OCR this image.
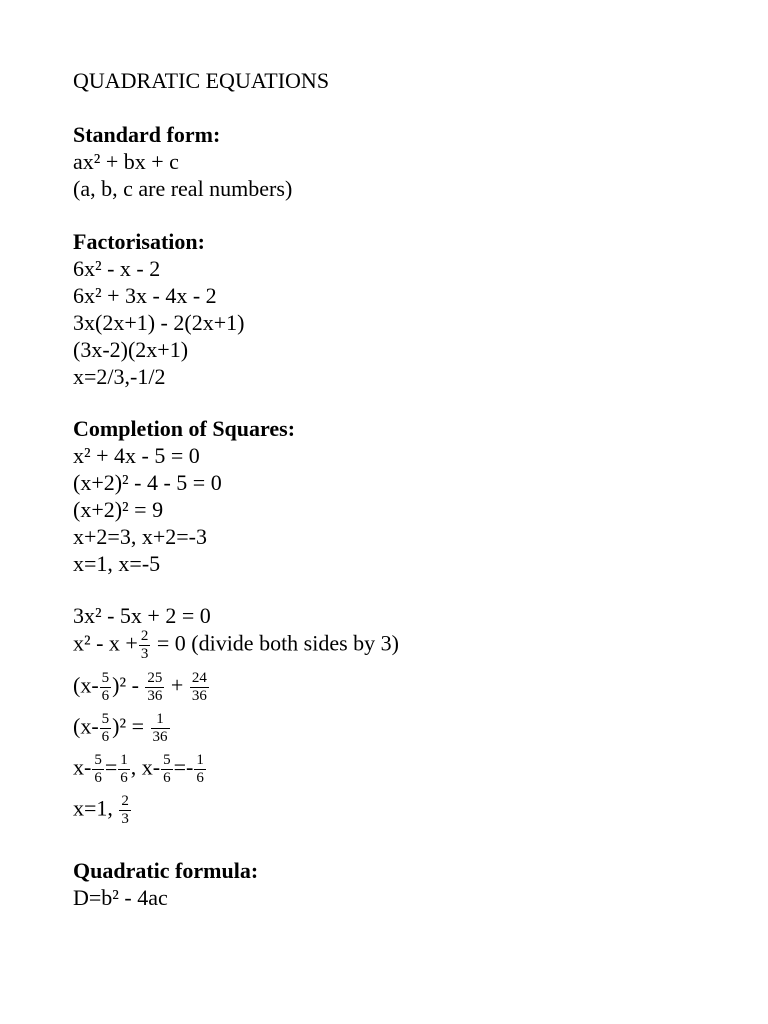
QUADRATIC EQUATIONS
Standard form:
ax² + bx + c
(a, b, c are real numbers)
Factorisation:
6x² - x - 2
6x² + 3x - 4x - 2
3x(2x+1) - 2(2x+1)
(3x-2)(2x+1)
x=2/3,-1/2
Completion of Squares:
x² + 4x - 5 = 0
(x+2)² - 4 - 5 = 0
(x+2)² = 9
x+2=3, x+2=-3
x=1, x=-5
3x² - 5x + 2 = 0
$x^2 - x + \frac{2}{3} = 0$ (divide both sides by 3)
$(x- \frac{5}{6} )^2 - \frac{25}{36} + \frac{24}{36}$
$(x- \frac{5}{6} )^2 = \frac{1}{36}$
$x- \frac{5}{6} = \frac{1}{6}$ , $x- \frac{5}{6} =- \frac{1}{6}$
x=1, $\frac{2}{3}$
Quadratic formula:
D=b² - 4ac
